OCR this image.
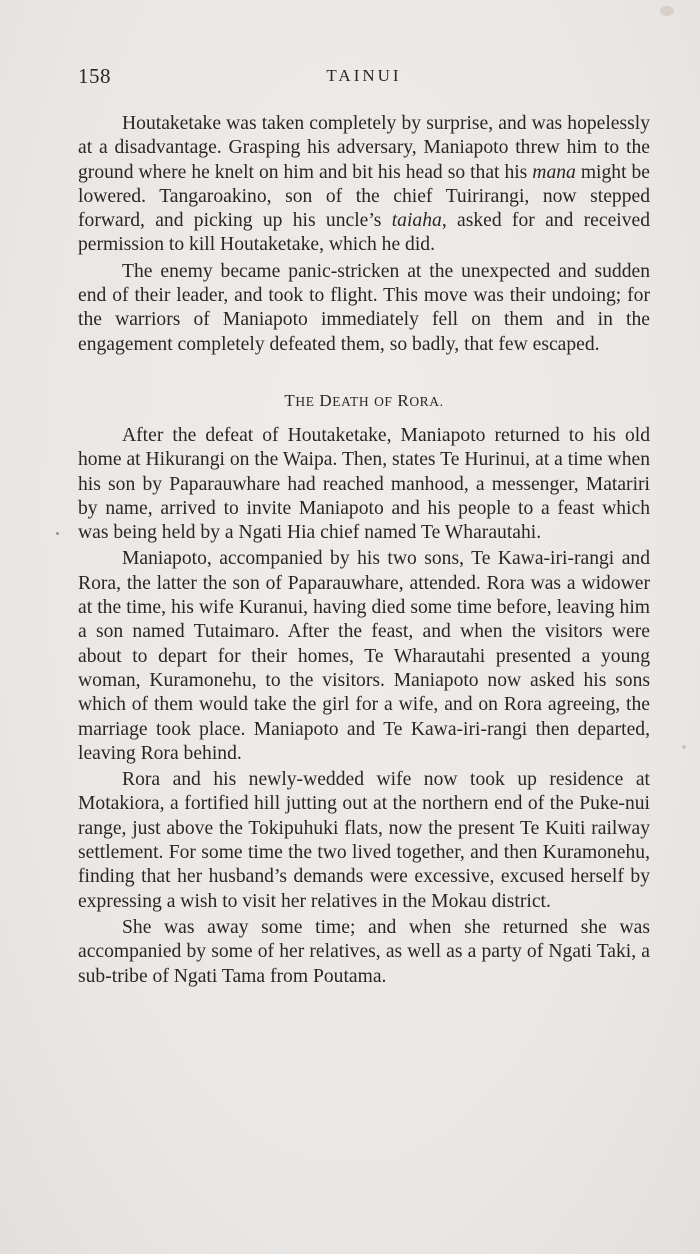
158	TAINUI

Houtaketake was taken completely by surprise, and was hopelessly at a disadvantage. Grasping his adversary, Maniapoto threw him to the ground where he knelt on him and bit his head so that his mana might be lowered. Tangaroakino, son of the chief Tuirirangi, now stepped forward, and picking up his uncle’s taiaha, asked for and received permission to kill Houtaketake, which he did.

The enemy became panic-stricken at the unexpected and sudden end of their leader, and took to flight. This move was their undoing; for the warriors of Maniapoto immediately fell on them and in the engagement completely defeated them, so badly, that few escaped.

THE DEATH OF RORA.

After the defeat of Houtaketake, Maniapoto returned to his old home at Hikurangi on the Waipa. Then, states Te Hurinui, at a time when his son by Paparauwhare had reached manhood, a messenger, Matariri by name, arrived to invite Maniapoto and his people to a feast which was being held by a Ngati Hia chief named Te Wharautahi.

Maniapoto, accompanied by his two sons, Te Kawa-iri-rangi and Rora, the latter the son of Paparauwhare, attended. Rora was a widower at the time, his wife Kuranui, having died some time before, leaving him a son named Tutaimaro. After the feast, and when the visitors were about to depart for their homes, Te Wharautahi presented a young woman, Kuramonehu, to the visitors. Maniapoto now asked his sons which of them would take the girl for a wife, and on Rora agreeing, the marriage took place. Maniapoto and Te Kawa-iri-rangi then departed, leaving Rora behind.

Rora and his newly-wedded wife now took up residence at Motakiora, a fortified hill jutting out at the northern end of the Puke-nui range, just above the Tokipuhuki flats, now the present Te Kuiti railway settlement. For some time the two lived together, and then Kuramonehu, finding that her husband’s demands were excessive, excused herself by expressing a wish to visit her relatives in the Mokau district.

She was away some time; and when she returned she was accompanied by some of her relatives, as well as a party of Ngati Taki, a sub-tribe of Ngati Tama from Poutama.
